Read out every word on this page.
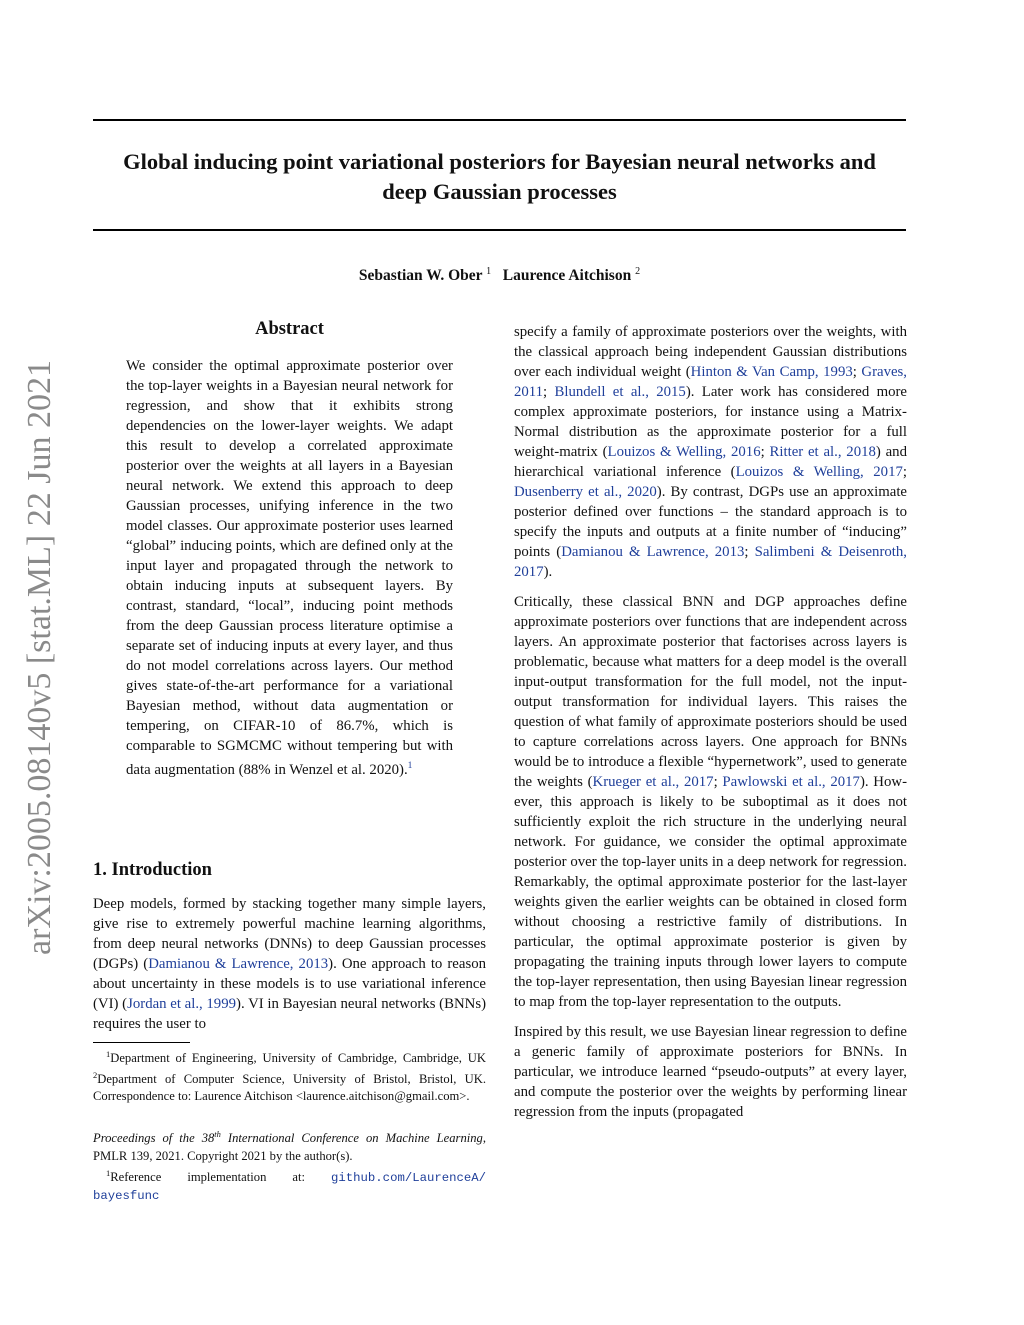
Global inducing point variational posteriors for Bayesian neural networks and
deep Gaussian processes

Sebastian W. Ober $^1$ Laurence Aitchison $^2$

arXiv:2005.08140v5 [stat.ML] 22 Jun 2021
Abstract

We consider the optimal approximate posterior over the top-layer weights in a Bayesian neural network for regression, and show that it exhibits strong dependencies on the lower-layer weights. We adapt this result to develop a correlated approximate posterior over the weights at all layers in a Bayesian neural network. We extend this approach to deep Gaussian processes, unifying inference in the two model classes. Our approximate posterior uses learned “global” inducing points, which are defined only at the input layer and propagated through the network to obtain inducing inputs at subsequent layers. By contrast, standard, “local”, inducing point methods from the deep Gaussian process literature optimise a separate set of inducing inputs at every layer, and thus do not model correlations across layers. Our method gives state-of-the-art performance for a variational Bayesian method, without data augmentation or tempering, on CIFAR-10 of 86.7%, which is comparable to SGMCMC without tempering but with data augmentation (88% in Wenzel et al. 2020).$^1$

1. Introduction

Deep models, formed by stacking together many simple layers, give rise to extremely powerful machine learning algorithms, from deep neural networks (DNNs) to deep Gaussian processes (DGPs) (Damianou & Lawrence, 2013). One approach to reason about uncertainty in these models is to use variational inference (VI) (Jordan et al., 1999). VI in Bayesian neural networks (BNNs) requires the user to

$^1$Department of Engineering, University of Cambridge, Cambridge, UK $^2$Department of Computer Science, University of Bristol, Bristol, UK. Correspondence to: Laurence Aitchison <laurence.aitchison@gmail.com>.

Proceedings of the 38th International Conference on Machine Learning, PMLR 139, 2021. Copyright 2021 by the author(s).

$^1$Reference implementation at: github.com/LaurenceA/ bayesfunc

specify a family of approximate posteriors over the weights, with the classical approach being independent Gaussian distributions over each individual weight (Hinton & Van Camp, 1993; Graves, 2011; Blundell et al., 2015). Later work has considered more complex approximate posteriors, for instance using a Matrix-Normal distribution as the approximate posterior for a full weight-matrix (Louizos & Welling, 2016; Ritter et al., 2018) and hierarchical variational inference (Louizos & Welling, 2017; Dusenberry et al., 2020). By contrast, DGPs use an approximate posterior defined over functions – the standard approach is to specify the inputs and outputs at a finite number of “inducing” points (Damianou & Lawrence, 2013; Salimbeni & Deisenroth, 2017).

Critically, these classical BNN and DGP approaches define approximate posteriors over functions that are independent across layers. An approximate posterior that factorises across layers is problematic, because what matters for a deep model is the overall input-output transformation for the full model, not the input-output transformation for individual layers. This raises the question of what family of approximate posteriors should be used to capture correlations across layers. One approach for BNNs would be to introduce a flexible “hypernetwork”, used to generate the weights (Krueger et al., 2017; Pawlowski et al., 2017). However, this approach is likely to be suboptimal as it does not sufficiently exploit the rich structure in the underlying neural network. For guidance, we consider the optimal approximate posterior over the top-layer units in a deep network for regression. Remarkably, the optimal approximate posterior for the last-layer weights given the earlier weights can be obtained in closed form without choosing a restrictive family of distributions. In particular, the optimal approximate posterior is given by propagating the training inputs through lower layers to compute the top-layer representation, then using Bayesian linear regression to map from the top-layer representation to the outputs.

Inspired by this result, we use Bayesian linear regression to define a generic family of approximate posteriors for BNNs. In particular, we introduce learned “pseudo-outputs” at every layer, and compute the posterior over the weights by performing linear regression from the inputs (propagated
